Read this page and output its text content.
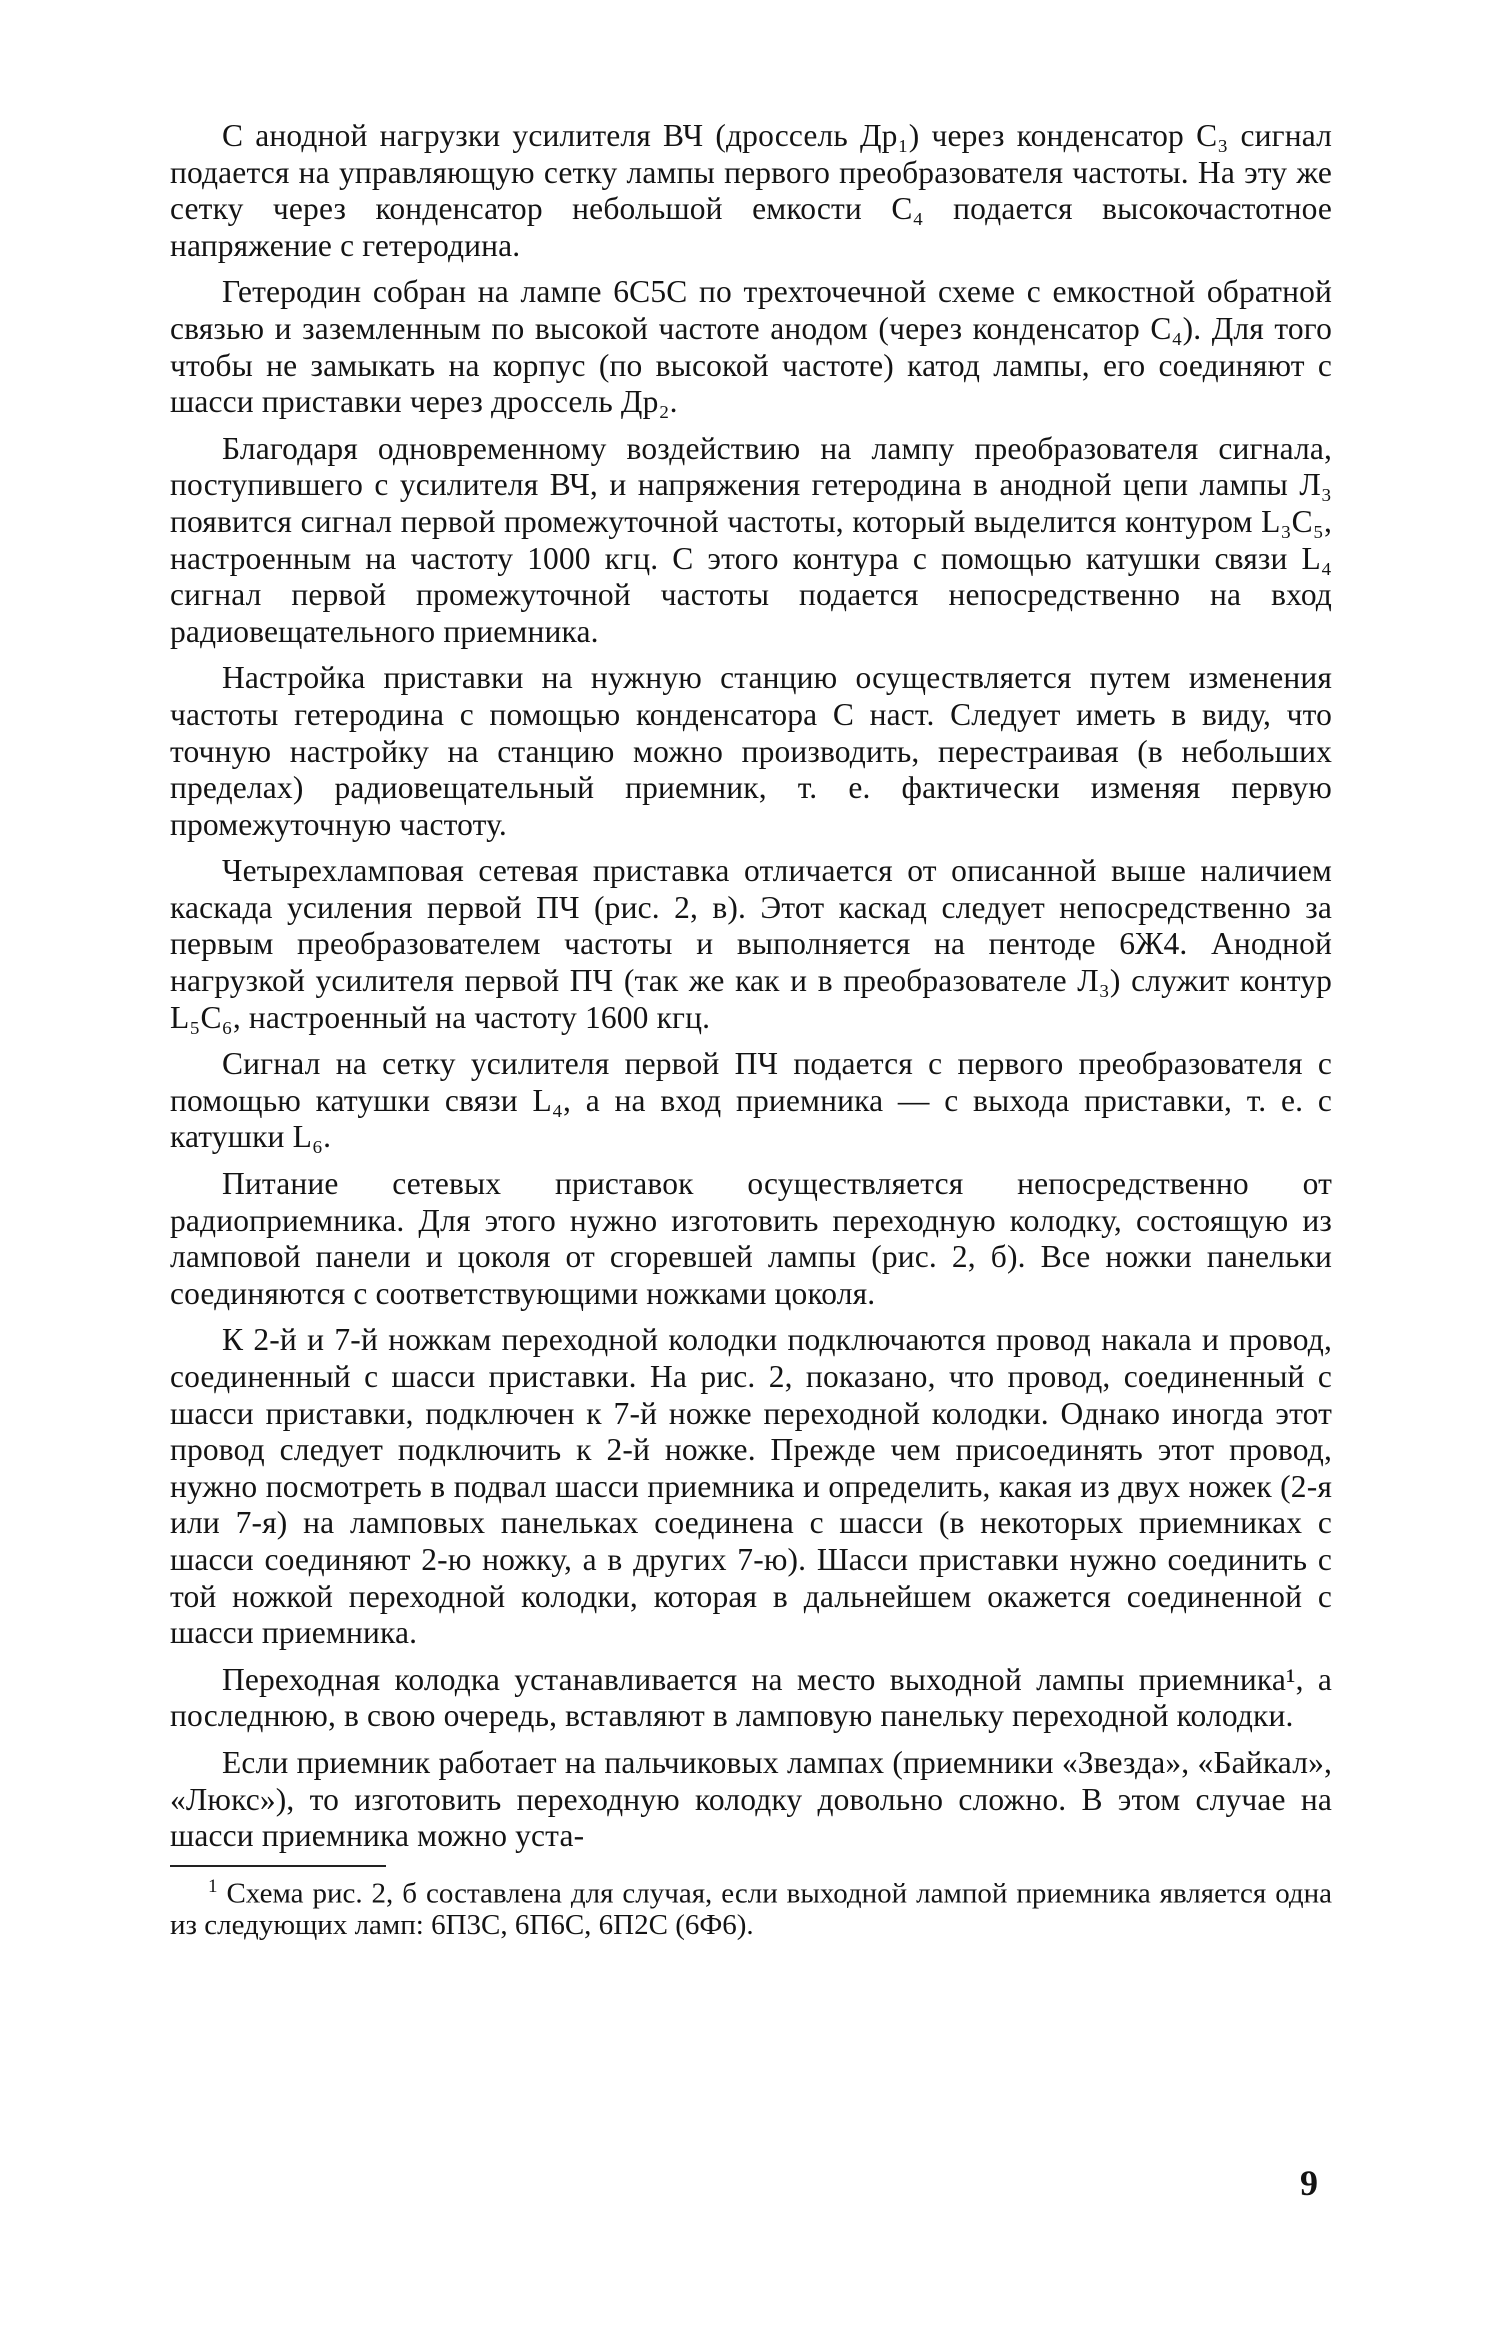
С анодной нагрузки усилителя ВЧ (дроссель Др₁) через конденсатор С₃ сигнал подается на управляющую сетку лампы первого преобразователя частоты. На эту же сетку через конденсатор небольшой емкости С₄ подается высокочастотное напряжение с гетеродина.

Гетеродин собран на лампе 6С5С по трехточечной схеме с емкостной обратной связью и заземленным по высокой частоте анодом (через конденсатор С₄). Для того чтобы не замыкать на корпус (по высокой частоте) катод лампы, его соединяют с шасси приставки через дроссель Др₂.

Благодаря одновременному воздействию на лампу преобразователя сигнала, поступившего с усилителя ВЧ, и напряжения гетеродина в анодной цепи лампы Л₃ появится сигнал первой промежуточной частоты, который выделится контуром L₃C₅, настроенным на частоту 1000 кгц. С этого контура с помощью катушки связи L₄ сигнал первой промежуточной частоты подается непосредственно на вход радиовещательного приемника.

Настройка приставки на нужную станцию осуществляется путем изменения частоты гетеродина с помощью конденсатора C наст. Следует иметь в виду, что точную настройку на станцию можно производить, перестраивая (в небольших пределах) радиовещательный приемник, т. е. фактически изменяя первую промежуточную частоту.

Четырехламповая сетевая приставка отличается от описанной выше наличием каскада усиления первой ПЧ (рис. 2, в). Этот каскад следует непосредственно за первым преобразователем частоты и выполняется на пентоде 6Ж4. Анодной нагрузкой усилителя первой ПЧ (так же как и в преобразователе Л₃) служит контур L₅C₆, настроенный на частоту 1600 кгц.

Сигнал на сетку усилителя первой ПЧ подается с первого преобразователя с помощью катушки связи L₄, а на вход приемника — с выхода приставки, т. е. с катушки L₆.

Питание сетевых приставок осуществляется непосредственно от радиоприемника. Для этого нужно изготовить переходную колодку, состоящую из ламповой панели и цоколя от сгоревшей лампы (рис. 2, б). Все ножки панельки соединяются с соответствующими ножками цоколя.

К 2-й и 7-й ножкам переходной колодки подключаются провод накала и провод, соединенный с шасси приставки. На рис. 2, показано, что провод, соединенный с шасси приставки, подключен к 7-й ножке переходной колодки. Однако иногда этот провод следует подключить к 2-й ножке. Прежде чем присоединять этот провод, нужно посмотреть в подвал шасси приемника и определить, какая из двух ножек (2-я или 7-я) на ламповых панельках соединена с шасси (в некоторых приемниках с шасси соединяют 2-ю ножку, а в других 7-ю). Шасси приставки нужно соединить с той ножкой переходной колодки, которая в дальнейшем окажется соединенной с шасси приемника.

Переходная колодка устанавливается на место выходной лампы приемника¹, а последнюю, в свою очередь, вставляют в ламповую панельку переходной колодки.

Если приемник работает на пальчиковых лампах (приемники «Звезда», «Байкал», «Люкс»), то изготовить переходную колодку довольно сложно. В этом случае на шасси приемника можно уста-

$^1$ Схема рис. 2, б составлена для случая, если выходной лампой приемника является одна из следующих ламп: 6П3С, 6П6С, 6П2С (6Ф6).

9
